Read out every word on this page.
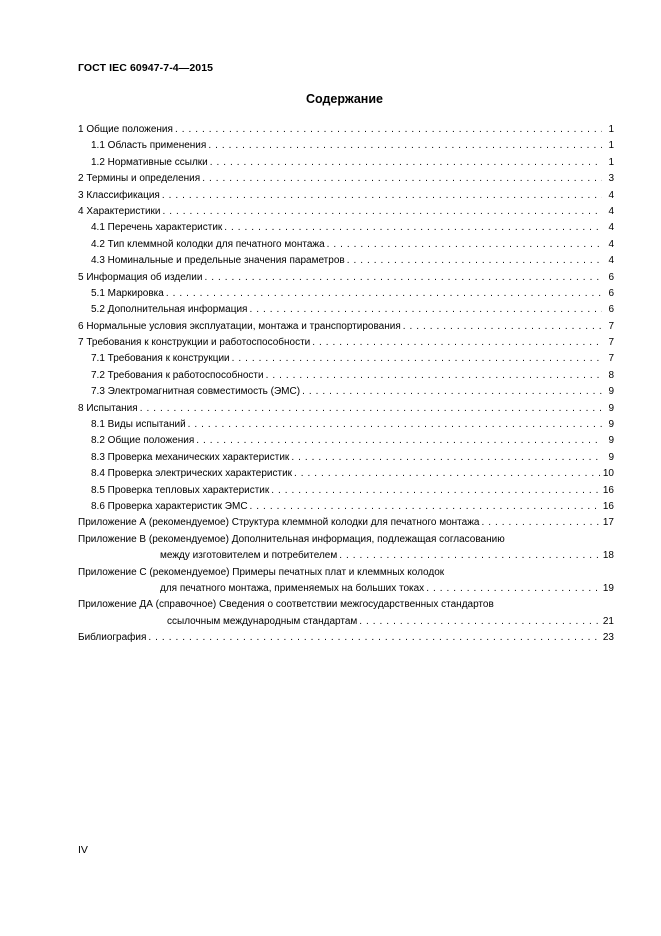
ГОСТ IEC 60947-7-4—2015
Содержание
1 Общие положения . . .	1
1.1 Область применения . . .	1
1.2 Нормативные ссылки . . .	1
2 Термины и определения . . .	3
3 Классификация . . .	4
4 Характеристики . . .	4
4.1 Перечень характеристик . . .	4
4.2 Тип клеммной колодки для печатного монтажа . . .	4
4.3 Номинальные и предельные значения параметров . . .	4
5 Информация об изделии . . .	6
5.1 Маркировка . . .	6
5.2 Дополнительная информация . . .	6
6 Нормальные условия эксплуатации, монтажа и транспортирования . . .	7
7 Требования к конструкции и работоспособности . . .	7
7.1 Требования к конструкции . . .	7
7.2 Требования к работоспособности . . .	8
7.3 Электромагнитная совместимость (ЭМС) . . .	9
8 Испытания . . .	9
8.1 Виды испытаний . . .	9
8.2 Общие положения . . .	9
8.3 Проверка механических характеристик . . .	9
8.4 Проверка электрических характеристик . . .	10
8.5 Проверка тепловых характеристик . . .	16
8.6 Проверка характеристик ЭМС . . .	16
Приложение А (рекомендуемое) Структура клеммной колодки для печатного монтажа . . .	17
Приложение В (рекомендуемое) Дополнительная информация, подлежащая согласованию
между изготовителем и потребителем . . .	18
Приложение С (рекомендуемое) Примеры печатных плат и клеммных колодок
для печатного монтажа, применяемых на больших токах . . .	19
Приложение ДА (справочное) Сведения о соответствии межгосударственных стандартов
ссылочным международным стандартам . . .	21
Библиография . . .	23
IV
